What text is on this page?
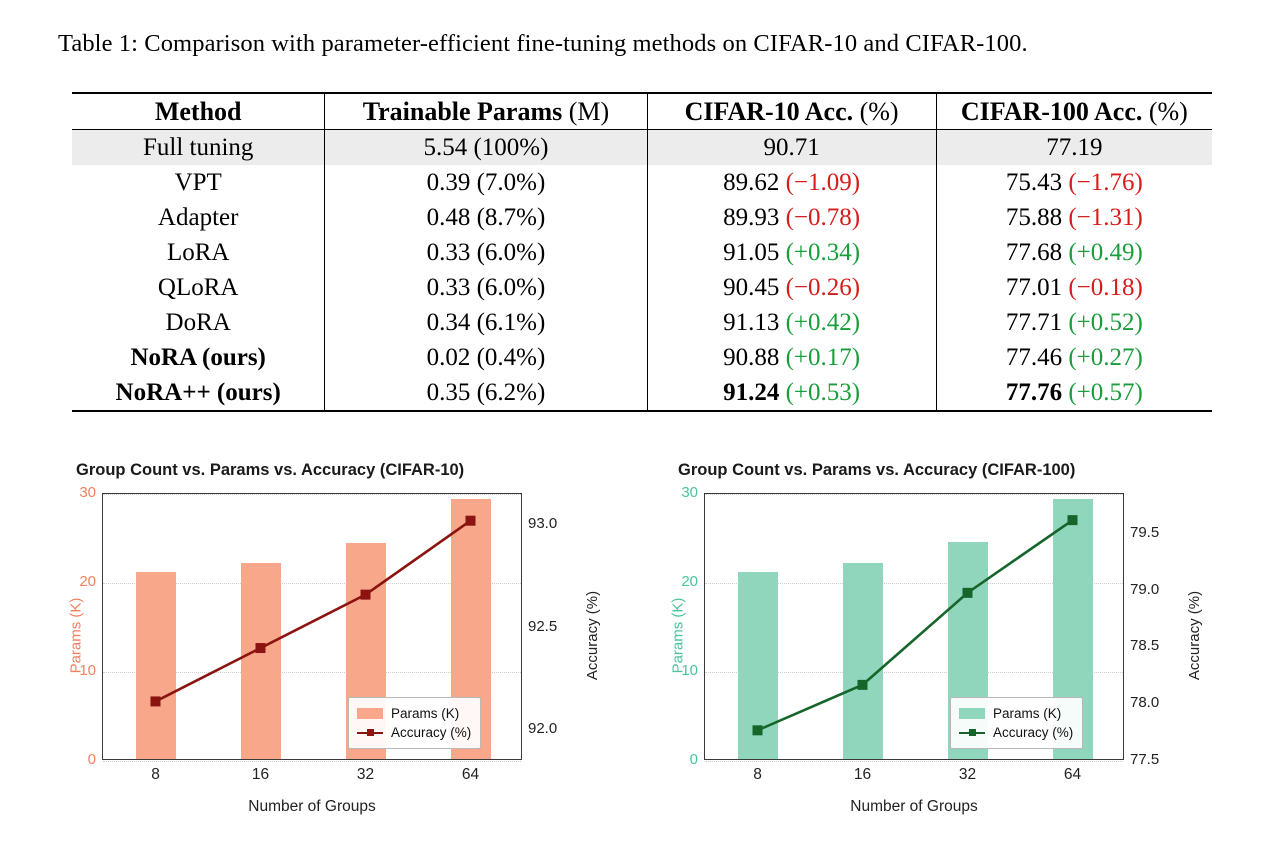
Table 1: Comparison with parameter-efficient fine-tuning methods on CIFAR-10 and CIFAR-100.
Method		Trainable Params (M)		CIFAR-10 Acc. (%)		CIFAR-100 Acc. (%)
Full tuning		5.54 (100%)		90.71		77.19
VPT		0.39 (7.0%)		89.62 (−1.09)		75.43 (−1.76)
Adapter		0.48 (8.7%)		89.93 (−0.78)		75.88 (−1.31)
LoRA		0.33 (6.0%)		91.05 (+0.34)		77.68 (+0.49)
QLoRA		0.33 (6.0%)		90.45 (−0.26)		77.01 (−0.18)
DoRA		0.34 (6.1%)		91.13 (+0.42)		77.71 (+0.52)
NoRA (ours)		0.02 (0.4%)		90.88 (+0.17)		77.46 (+0.27)
NoRA++ (ours)		0.35 (6.2%)		91.24 (+0.53)		77.76 (+0.57)
Group Count vs. Params vs. Accuracy (CIFAR-10)
0
10
20
30
92.0
92.5
93.0
8	16	32	64
Number of Groups
Params (K)	Accuracy (%)
Params (K)
Accuracy (%)
Group Count vs. Params vs. Accuracy (CIFAR-100)
0
10
20
30
77.5
78.0
78.5
79.0
79.5
8	16	32	64
Number of Groups
Params (K)	Accuracy (%)
Params (K)
Accuracy (%)
